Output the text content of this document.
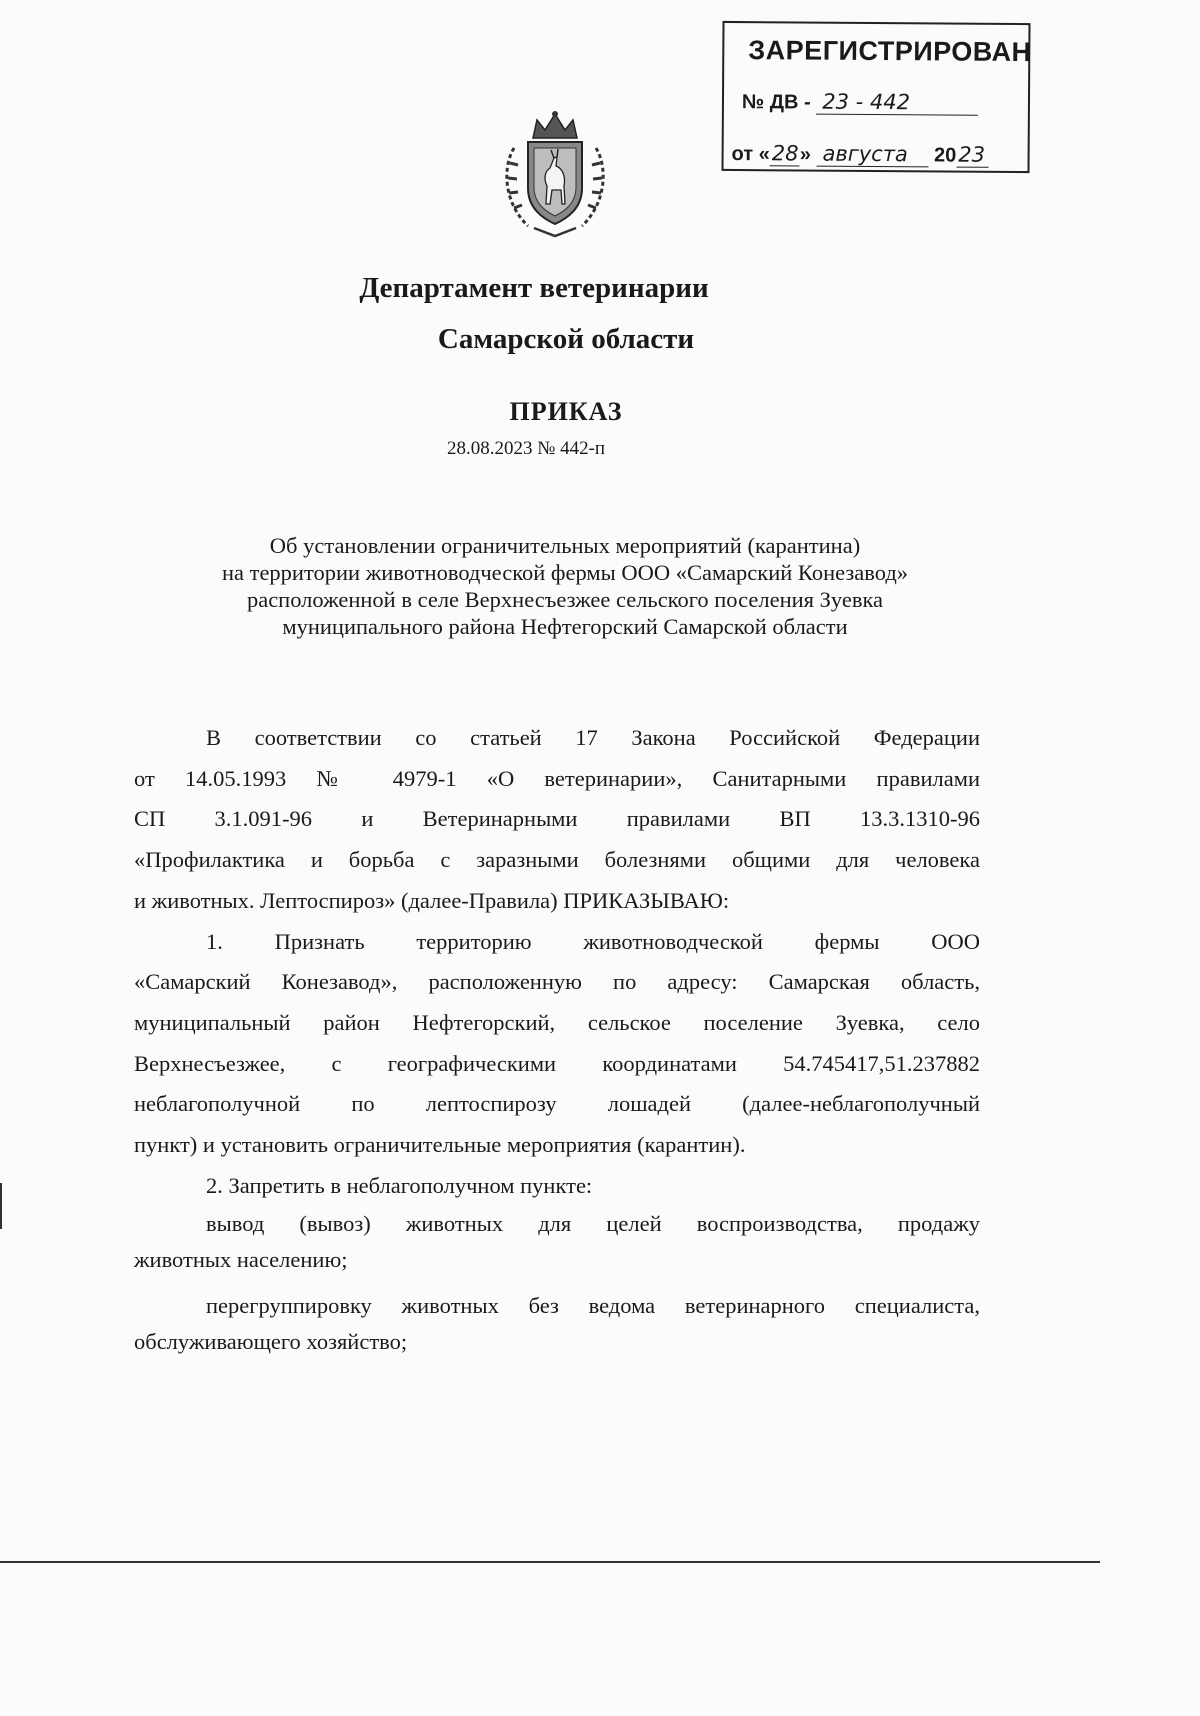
ЗАРЕГИСТРИРОВАН
№ ДВ - 23 - 442
от «28» августа 2023
Департамент ветеринарии
Самарской области
ПРИКАЗ
28.08.2023 № 442-п
Об установлении ограничительных мероприятий (карантина)
на территории животноводческой фермы ООО «Самарский Конезавод»
расположенной в селе Верхнесъезжее сельского поселения Зуевка
муниципального района Нефтегорский Самарской области
В соответствии со статьей 17 Закона Российской Федерации
от 14.05.1993 № 4979-1 «О ветеринарии», Санитарными правилами
СП 3.1.091-96 и Ветеринарными правилами ВП 13.3.1310-96
«Профилактика и борьба с заразными болезнями общими для человека
и животных. Лептоспироз» (далее-Правила) ПРИКАЗЫВАЮ:
1. Признать территорию животноводческой фермы ООО
«Самарский Конезавод», расположенную по адресу: Самарская область,
муниципальный район Нефтегорский, сельское поселение Зуевка, село
Верхнесъезжее, с географическими координатами 54.745417,51.237882
неблагополучной по лептоспирозу лошадей (далее-неблагополучный
пункт) и установить ограничительные мероприятия (карантин).
2. Запретить в неблагополучном пункте:
вывод (вывоз) животных для целей воспроизводства, продажу
животных населению;
перегруппировку животных без ведома ветеринарного специалиста,
обслуживающего хозяйство;
